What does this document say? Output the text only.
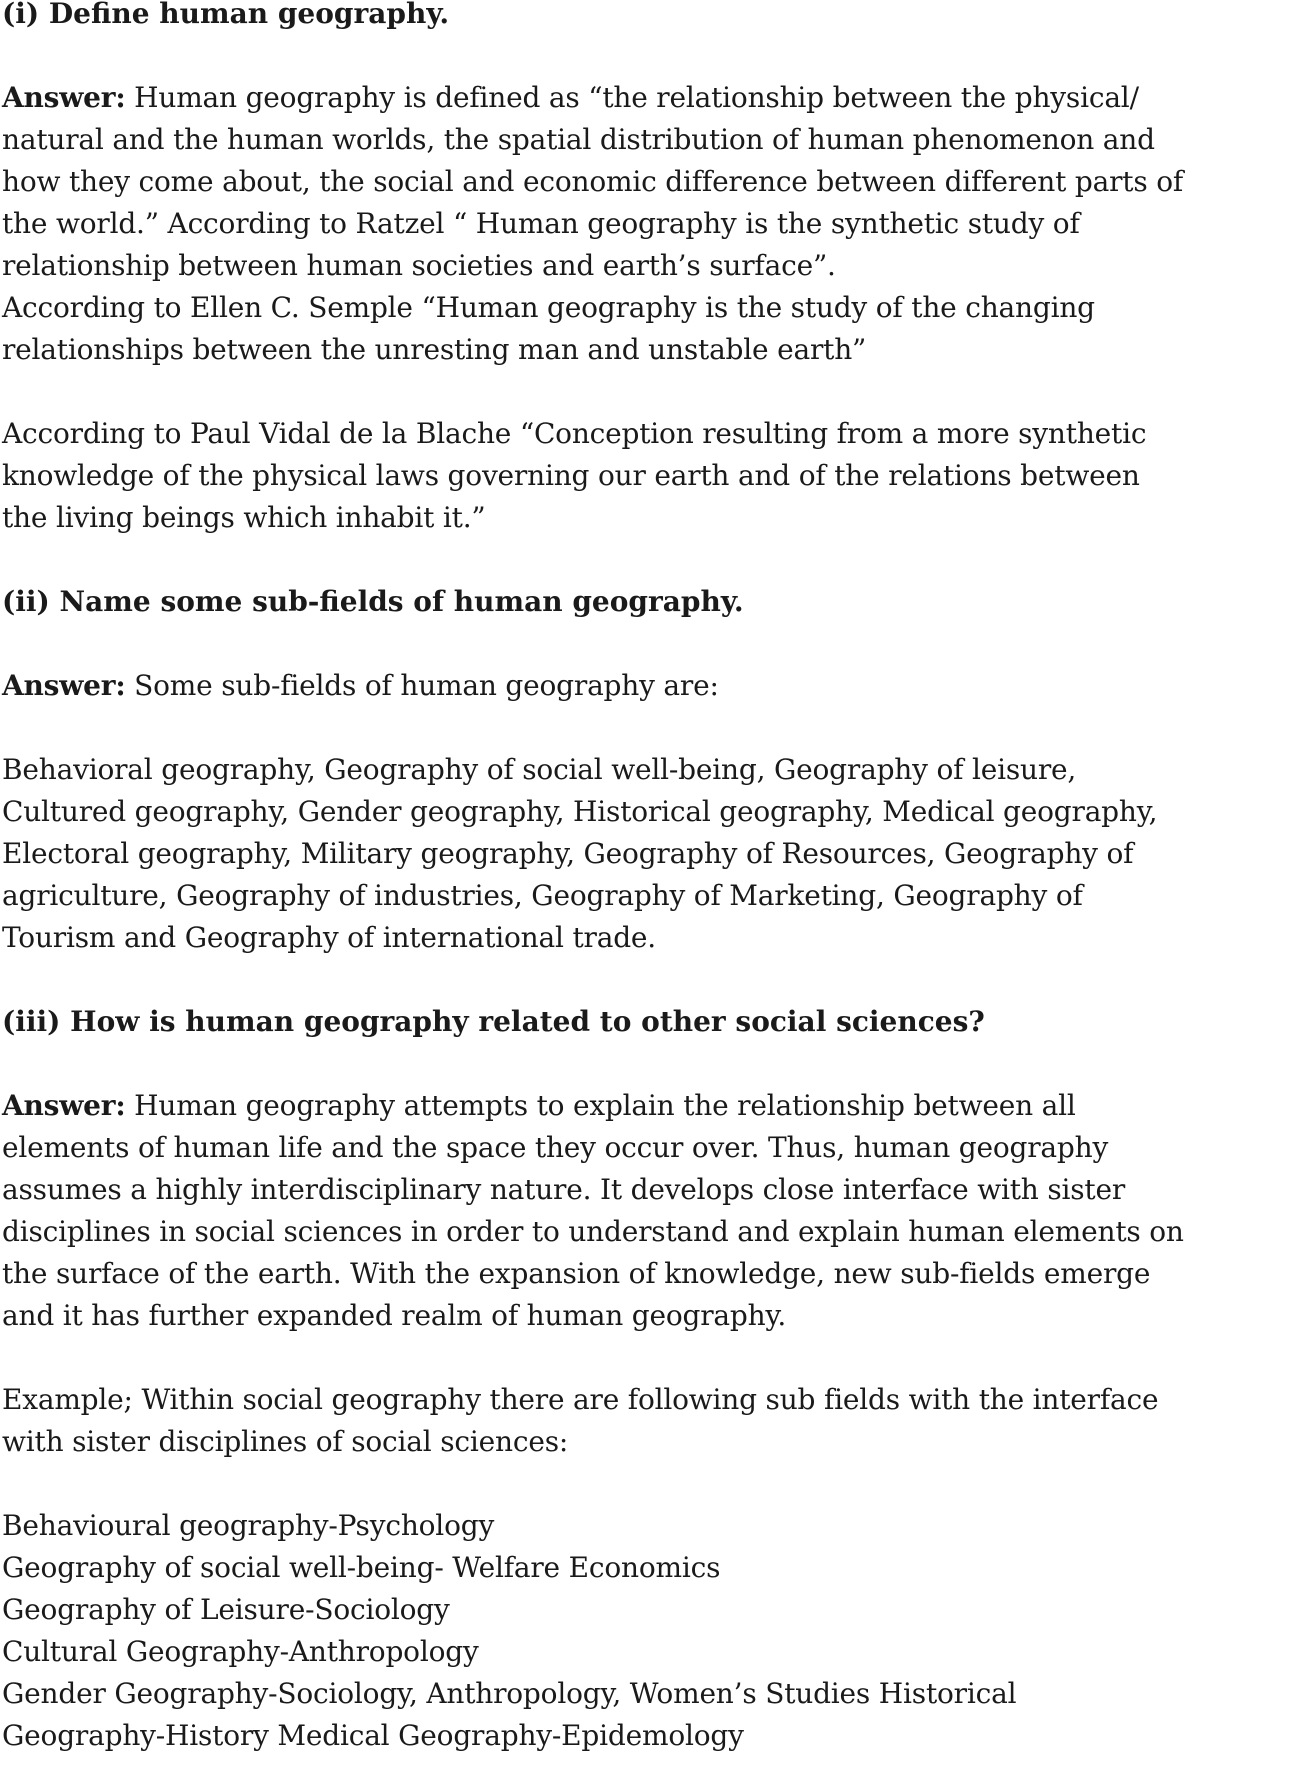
(i) Define human geography.
Answer: Human geography is defined as “the relationship between the physical/
natural and the human worlds, the spatial distribution of human phenomenon and
how they come about, the social and economic difference between different parts of
the world.” According to Ratzel “ Human geography is the synthetic study of
relationship between human societies and earth’s surface”.
According to Ellen C. Semple “Human geography is the study of the changing
relationships between the unresting man and unstable earth”
According to Paul Vidal de la Blache “Conception resulting from a more synthetic
knowledge of the physical laws governing our earth and of the relations between
the living beings which inhabit it.”
(ii) Name some sub-fields of human geography.
Answer: Some sub-fields of human geography are:
Behavioral geography, Geography of social well-being, Geography of leisure,
Cultured geography, Gender geography, Historical geography, Medical geography,
Electoral geography, Military geography, Geography of Resources, Geography of
agriculture, Geography of industries, Geography of Marketing, Geography of
Tourism and Geography of international trade.
(iii) How is human geography related to other social sciences?
Answer: Human geography attempts to explain the relationship between all
elements of human life and the space they occur over. Thus, human geography
assumes a highly interdisciplinary nature. It develops close interface with sister
disciplines in social sciences in order to understand and explain human elements on
the surface of the earth. With the expansion of knowledge, new sub-fields emerge
and it has further expanded realm of human geography.
Example; Within social geography there are following sub fields with the interface
with sister disciplines of social sciences:
Behavioural geography-Psychology
Geography of social well-being- Welfare Economics
Geography of Leisure-Sociology
Cultural Geography-Anthropology
Gender Geography-Sociology, Anthropology, Women’s Studies Historical
Geography-History Medical Geography-Epidemology
